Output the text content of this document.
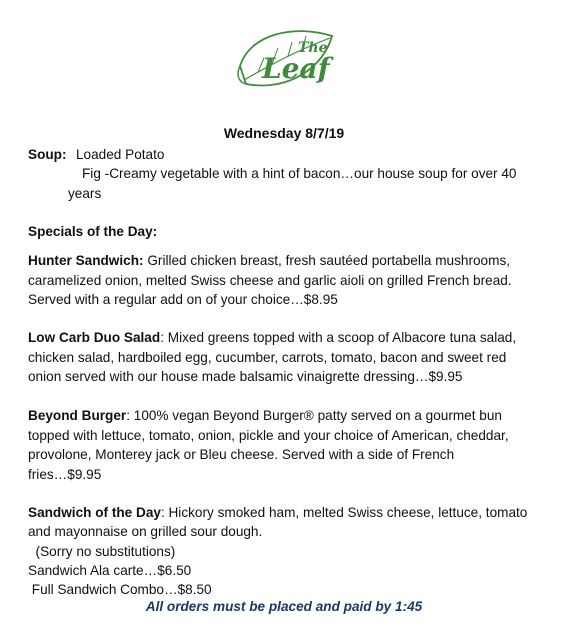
The
Leaf
Wednesday 8/7/19
Soup: Loaded Potato
Fig -Creamy vegetable with a hint of bacon…our house soup for over 40
years
Specials of the Day:
Hunter Sandwich: Grilled chicken breast, fresh sautéed portabella mushrooms,
caramelized onion, melted Swiss cheese and garlic aioli on grilled French bread.
Served with a regular add on of your choice…$8.95
Low Carb Duo Salad: Mixed greens topped with a scoop of Albacore tuna salad,
chicken salad, hardboiled egg, cucumber, carrots, tomato, bacon and sweet red
onion served with our house made balsamic vinaigrette dressing…$9.95
Beyond Burger: 100% vegan Beyond Burger® patty served on a gourmet bun
topped with lettuce, tomato, onion, pickle and your choice of American, cheddar,
provolone, Monterey jack or Bleu cheese. Served with a side of French
fries…$9.95
Sandwich of the Day: Hickory smoked ham, melted Swiss cheese, lettuce, tomato
and mayonnaise on grilled sour dough.
(Sorry no substitutions)
Sandwich Ala carte…$6.50
Full Sandwich Combo…$8.50
All orders must be placed and paid by 1:45
